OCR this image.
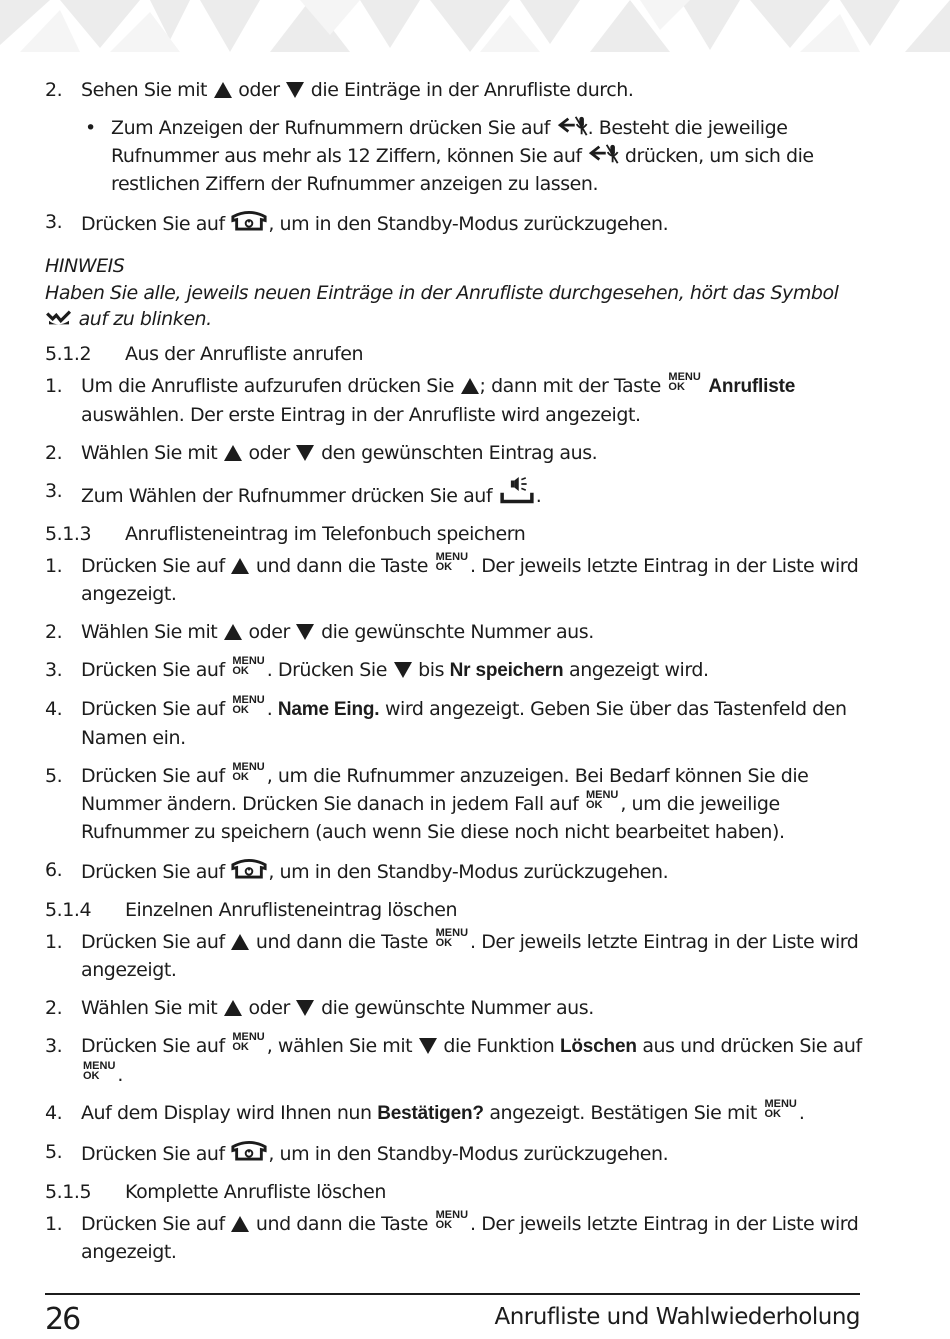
2. Sehen Sie mit  oder  die Einträge in der Anrufliste durch.
• Zum Anzeigen der Rufnummern drücken Sie auf . Besteht die jeweilige Rufnummer aus mehr als 12 Ziffern, können Sie auf  drücken, um sich die restlichen Ziffern der Rufnummer anzeigen zu lassen.
3. Drücken Sie auf , um in den Standby-Modus zurückzugehen.
HINWEIS
Haben Sie alle, jeweils neuen Einträge in der Anrufliste durchgesehen, hört das Symbol  auf zu blinken.
5.1.2	Aus der Anrufliste anrufen
1. Um die Anrufliste aufzurufen drücken Sie ; dann mit der Taste MENU
OK	Anrufliste auswählen. Der erste Eintrag in der Anrufliste wird angezeigt.
2. Wählen Sie mit  oder  den gewünschten Eintrag aus.
3. Zum Wählen der Rufnummer drücken Sie auf .
5.1.3	Anruflisteneintrag im Telefonbuch speichern
1. Drücken Sie auf  und dann die Taste MENU
OK . Der jeweils letzte Eintrag in der Liste wird angezeigt.
2. Wählen Sie mit  oder  die gewünschte Nummer aus.
3. Drücken Sie auf MENU
OK . Drücken Sie  bis Nr speichern angezeigt wird.
4. Drücken Sie auf MENU
OK . Name Eing. wird angezeigt. Geben Sie über das Tastenfeld den Namen ein.
5. Drücken Sie auf MENU
OK , um die Rufnummer anzuzeigen. Bei Bedarf können Sie die Nummer ändern. Drücken Sie danach in jedem Fall auf MENU
OK , um die jeweilige Rufnummer zu speichern (auch wenn Sie diese noch nicht bearbeitet haben).
6. Drücken Sie auf , um in den Standby-Modus zurückzugehen.
5.1.4	Einzelnen Anruflisteneintrag löschen
1. Drücken Sie auf  und dann die Taste MENU
OK . Der jeweils letzte Eintrag in der Liste wird angezeigt.
2. Wählen Sie mit  oder  die gewünschte Nummer aus.
3. Drücken Sie auf MENU
OK , wählen Sie mit  die Funktion Löschen aus und drücken Sie auf
MENU
OK .
4. Auf dem Display wird Ihnen nun Bestätigen? angezeigt. Bestätigen Sie mit MENU
OK .
5. Drücken Sie auf , um in den Standby-Modus zurückzugehen.
5.1.5	Komplette Anrufliste löschen
1. Drücken Sie auf  und dann die Taste MENU
OK . Der jeweils letzte Eintrag in der Liste wird angezeigt.
26	Anrufliste und Wahlwiederholung
